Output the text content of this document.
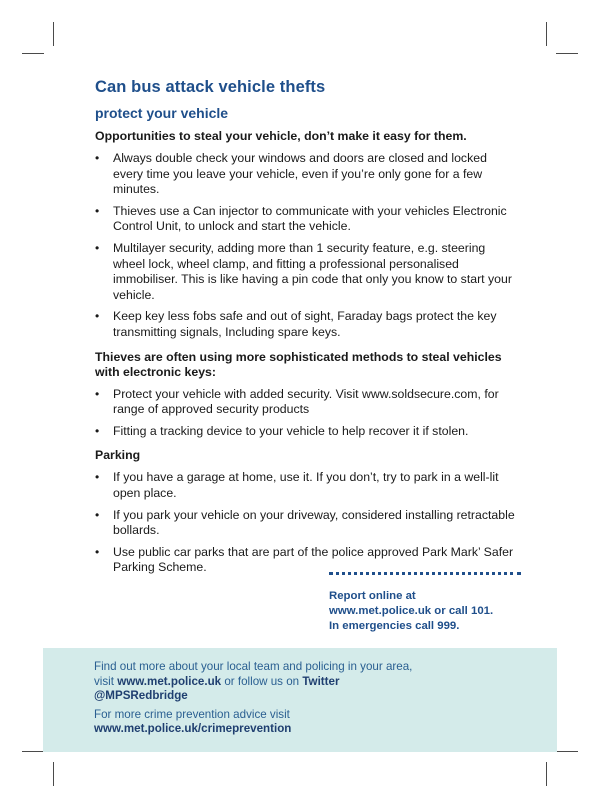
Can bus attack vehicle thefts
protect your vehicle

Opportunities to steal your vehicle, don’t make it easy for them.

• Always double check your windows and doors are closed and locked every time you leave your vehicle, even if you’re only gone for a few minutes.
• Thieves use a Can injector to communicate with your vehicles Electronic Control Unit, to unlock and start the vehicle.
• Multilayer security, adding more than 1 security feature, e.g. steering wheel lock, wheel clamp, and fitting a professional personalised immobiliser. This is like having a pin code that only you know to start your vehicle.
• Keep key less fobs safe and out of sight, Faraday bags protect the key transmitting signals, Including spare keys.

Thieves are often using more sophisticated methods to steal vehicles with electronic keys:

• Protect your vehicle with added security. Visit www.soldsecure.com, for range of approved security products
• Fitting a tracking device to your vehicle to help recover it if stolen.

Parking

• If you have a garage at home, use it. If you don’t, try to park in a well-lit open place.
• If you park your vehicle on your driveway, considered installing retractable bollards.
• Use public car parks that are part of the police approved Park Mark’ Safer Parking Scheme.
Report online at
www.met.police.uk or call 101.
In emergencies call 999.
Find out more about your local team and policing in your area,
visit www.met.police.uk or follow us on Twitter
@MPSRedbridge
For more crime prevention advice visit
www.met.police.uk/crimeprevention
